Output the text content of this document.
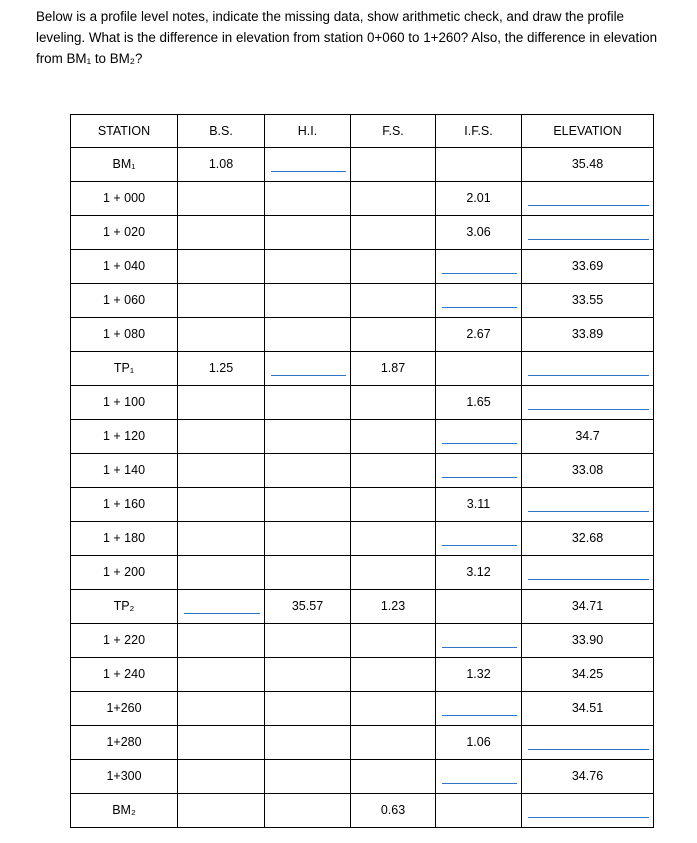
Below is a profile level notes, indicate the missing data, show arithmetic check, and draw the profile leveling. What is the difference in elevation from station 0+060 to 1+260? Also, the difference in elevation from BM₁ to BM₂?

STATION	B.S.	H.I.	F.S.	I.F.S.	ELEVATION

BM₁	1.08				35.48

1 + 000				2.01	

1 + 020				3.06	

1 + 040					33.69

1 + 060					33.55

1 + 080				2.67	33.89

TP₁	1.25		1.87		

1 + 100				1.65	

1 + 120					34.7

1 + 140					33.08

1 + 160				3.11	

1 + 180					32.68

1 + 200				3.12	

TP₂		35.57	1.23		34.71

1 + 220					33.90

1 + 240				1.32	34.25

1+260					34.51

1+280				1.06	

1+300					34.76

BM₂			0.63		
